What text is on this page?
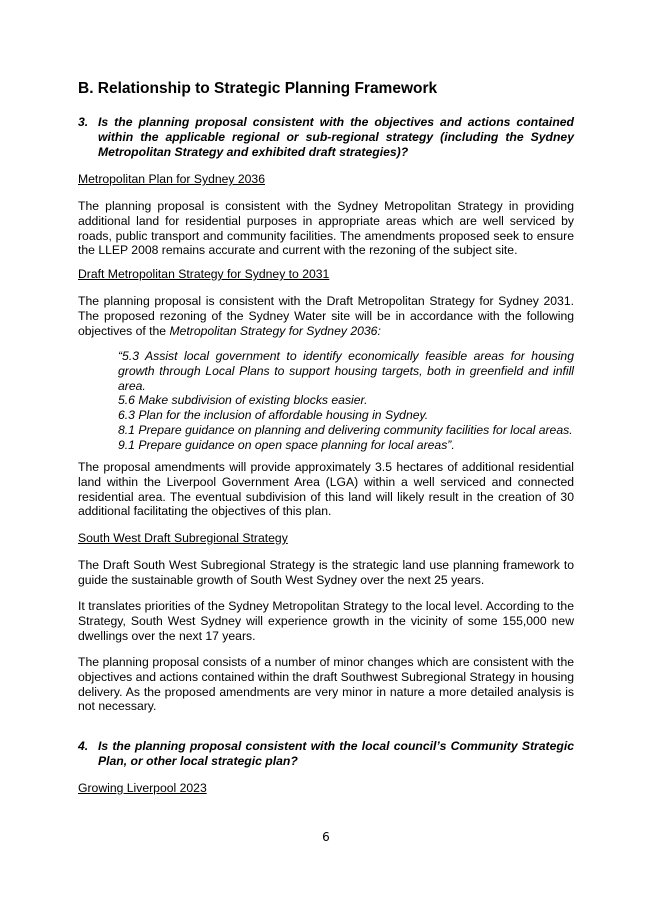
B. Relationship to Strategic Planning Framework
3. Is the planning proposal consistent with the objectives and actions contained within the applicable regional or sub-regional strategy (including the Sydney Metropolitan Strategy and exhibited draft strategies)?

Metropolitan Plan for Sydney 2036

The planning proposal is consistent with the Sydney Metropolitan Strategy in providing additional land for residential purposes in appropriate areas which are well serviced by roads, public transport and community facilities. The amendments proposed seek to ensure the LLEP 2008 remains accurate and current with the rezoning of the subject site.

Draft Metropolitan Strategy for Sydney to 2031

The planning proposal is consistent with the Draft Metropolitan Strategy for Sydney 2031. The proposed rezoning of the Sydney Water site will be in accordance with the following objectives of the Metropolitan Strategy for Sydney 2036:

“5.3 Assist local government to identify economically feasible areas for housing growth through Local Plans to support housing targets, both in greenfield and infill area.

5.6 Make subdivision of existing blocks easier.

6.3 Plan for the inclusion of affordable housing in Sydney.

8.1 Prepare guidance on planning and delivering community facilities for local areas.

9.1 Prepare guidance on open space planning for local areas”.

The proposal amendments will provide approximately 3.5 hectares of additional residential land within the Liverpool Government Area (LGA) within a well serviced and connected residential area. The eventual subdivision of this land will likely result in the creation of 30 additional facilitating the objectives of this plan.

South West Draft Subregional Strategy

The Draft South West Subregional Strategy is the strategic land use planning framework to guide the sustainable growth of South West Sydney over the next 25 years.

It translates priorities of the Sydney Metropolitan Strategy to the local level. According to the Strategy, South West Sydney will experience growth in the vicinity of some 155,000 new dwellings over the next 17 years.

The planning proposal consists of a number of minor changes which are consistent with the objectives and actions contained within the draft Southwest Subregional Strategy in housing delivery. As the proposed amendments are very minor in nature a more detailed analysis is not necessary.

4. Is the planning proposal consistent with the local council’s Community Strategic Plan, or other local strategic plan?

Growing Liverpool 2023

6
